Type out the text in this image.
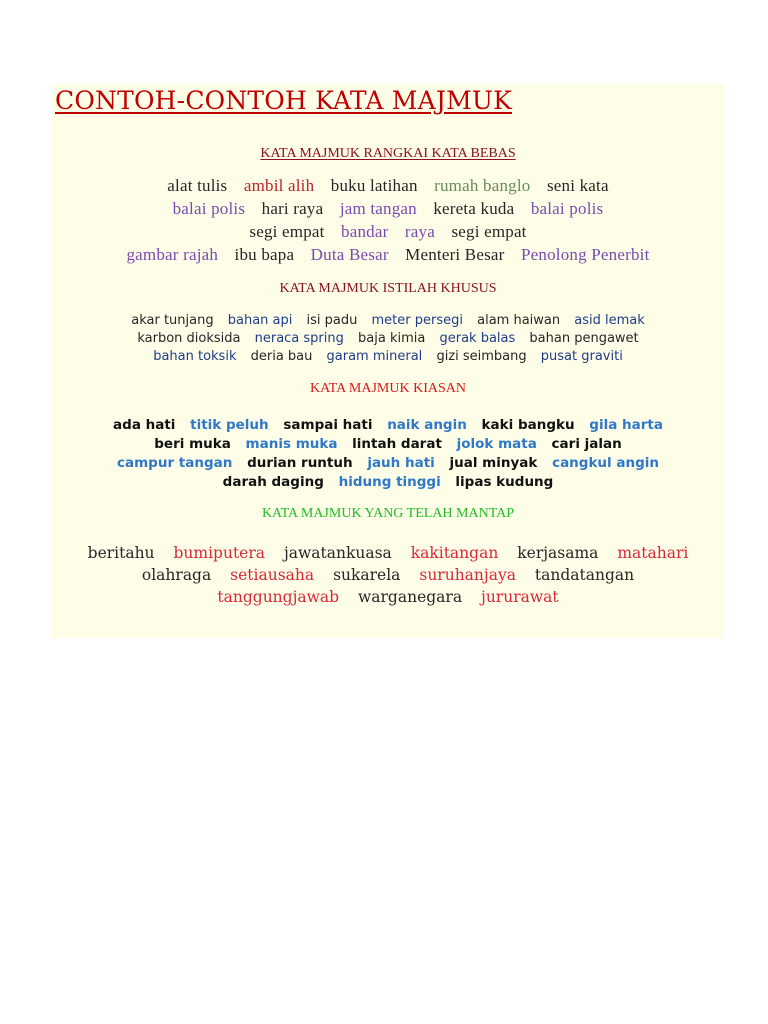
CONTOH-CONTOH KATA MAJMUK
KATA MAJMUK RANGKAI KATA BEBAS
alat tulis ambil alih buku latihan rumah banglo seni kata
balai polis hari raya jam tangan kereta kuda balai polis
segi empat bandar raya segi empat
gambar rajah ibu bapa Duta Besar Menteri Besar Penolong Penerbit
KATA MAJMUK ISTILAH KHUSUS
akar tunjang bahan api isi padu meter persegi alam haiwan asid lemak
karbon dioksida neraca spring baja kimia gerak balas bahan pengawet
bahan toksik deria bau garam mineral gizi seimbang pusat graviti
KATA MAJMUK KIASAN
ada hati titik peluh sampai hati naik angin kaki bangku gila harta
beri muka manis muka lintah darat jolok mata cari jalan
campur tangan durian runtuh jauh hati jual minyak cangkul angin
darah daging hidung tinggi lipas kudung
KATA MAJMUK YANG TELAH MANTAP
beritahu bumiputera jawatankuasa kakitangan kerjasama matahari
olahraga setiausaha sukarela suruhanjaya tandatangan
tanggungjawab warganegara jururawat
